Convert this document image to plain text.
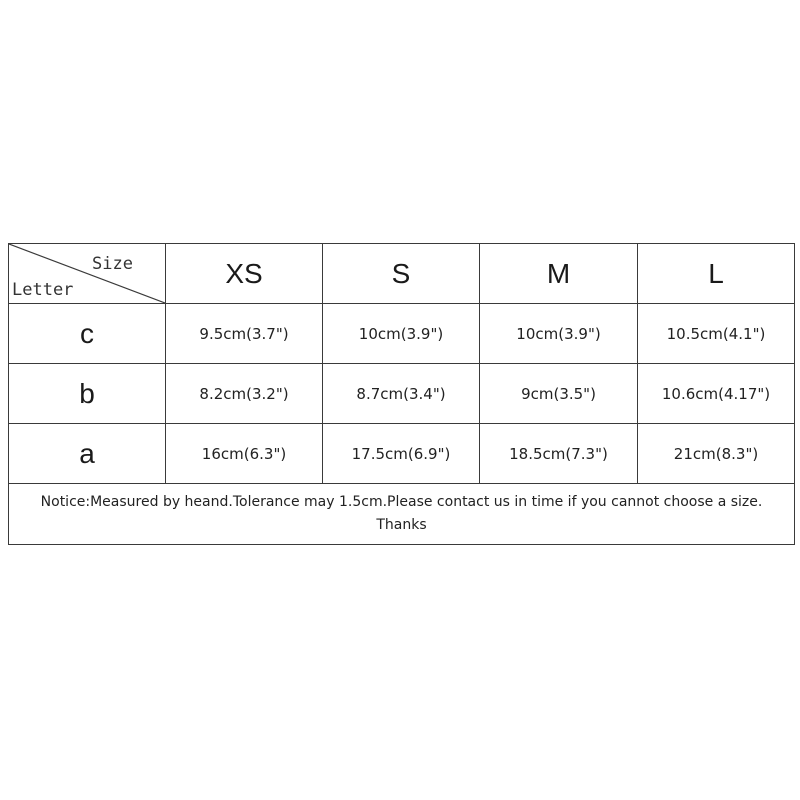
Size
Letter	XS	S	M	L
c	9.5cm(3.7")	10cm(3.9")	10cm(3.9")	10.5cm(4.1")
b	8.2cm(3.2")	8.7cm(3.4")	9cm(3.5")	10.6cm(4.17")
a	16cm(6.3")	17.5cm(6.9")	18.5cm(7.3")	21cm(8.3")

Notice:Measured by heand.Tolerance may 1.5cm.Please contact us in time if you cannot choose a size.
Thanks				
